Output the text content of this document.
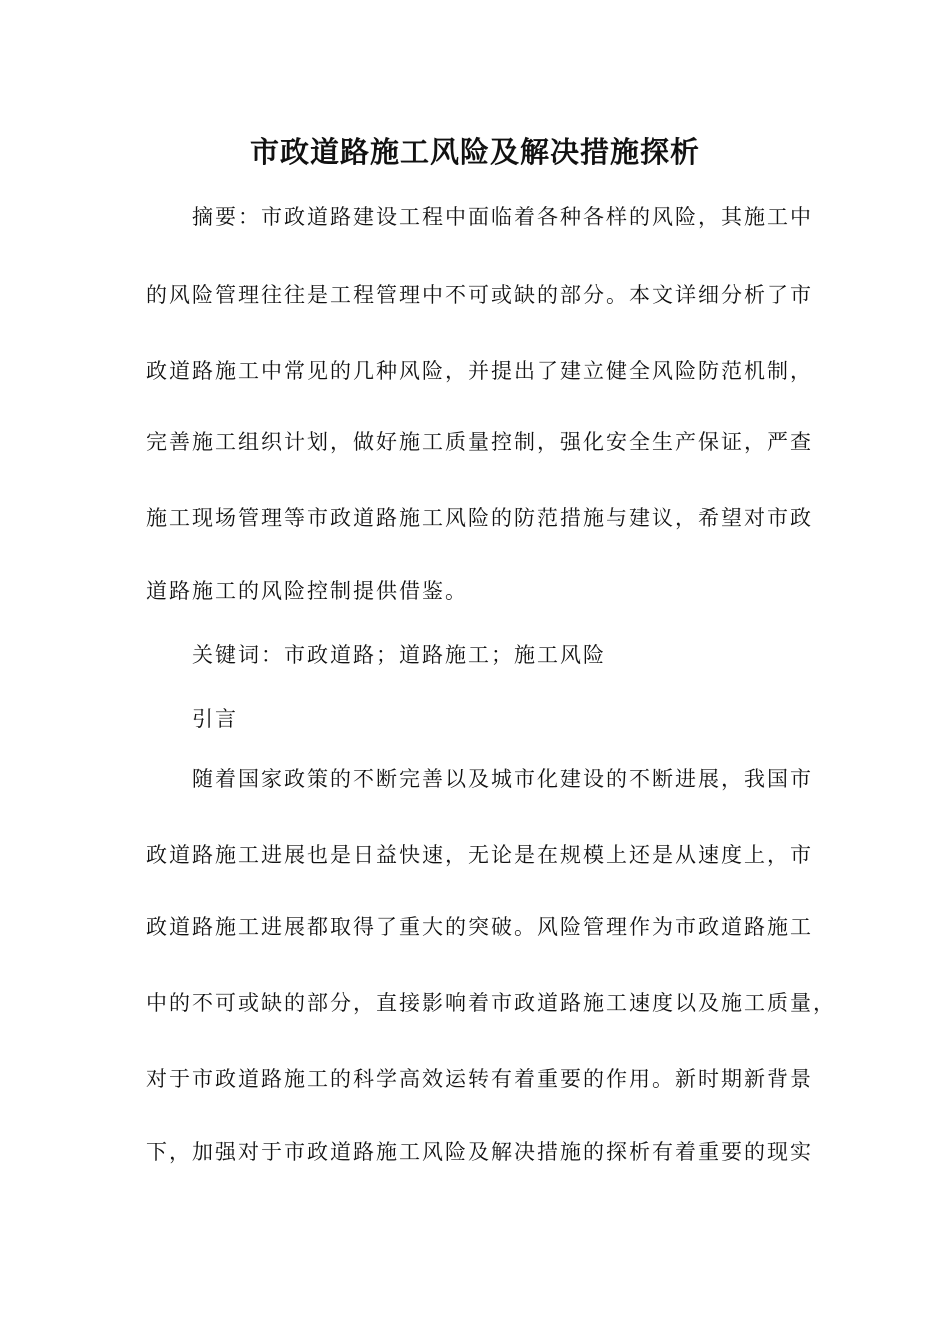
市政道路施工风险及解决措施探析
摘要：市政道路建设工程中面临着各种各样的风险，其施工中
的风险管理往往是工程管理中不可或缺的部分。本文详细分析了市
政道路施工中常见的几种风险，并提出了建立健全风险防范机制，
完善施工组织计划，做好施工质量控制，强化安全生产保证，严查
施工现场管理等市政道路施工风险的防范措施与建议，希望对市政
道路施工的风险控制提供借鉴。
关键词：市政道路；道路施工；施工风险
引言
随着国家政策的不断完善以及城市化建设的不断进展，我国市
政道路施工进展也是日益快速，无论是在规模上还是从速度上，市
政道路施工进展都取得了重大的突破。风险管理作为市政道路施工
中的不可或缺的部分，直接影响着市政道路施工速度以及施工质量，
对于市政道路施工的科学高效运转有着重要的作用。新时期新背景
下，加强对于市政道路施工风险及解决措施的探析有着重要的现实
